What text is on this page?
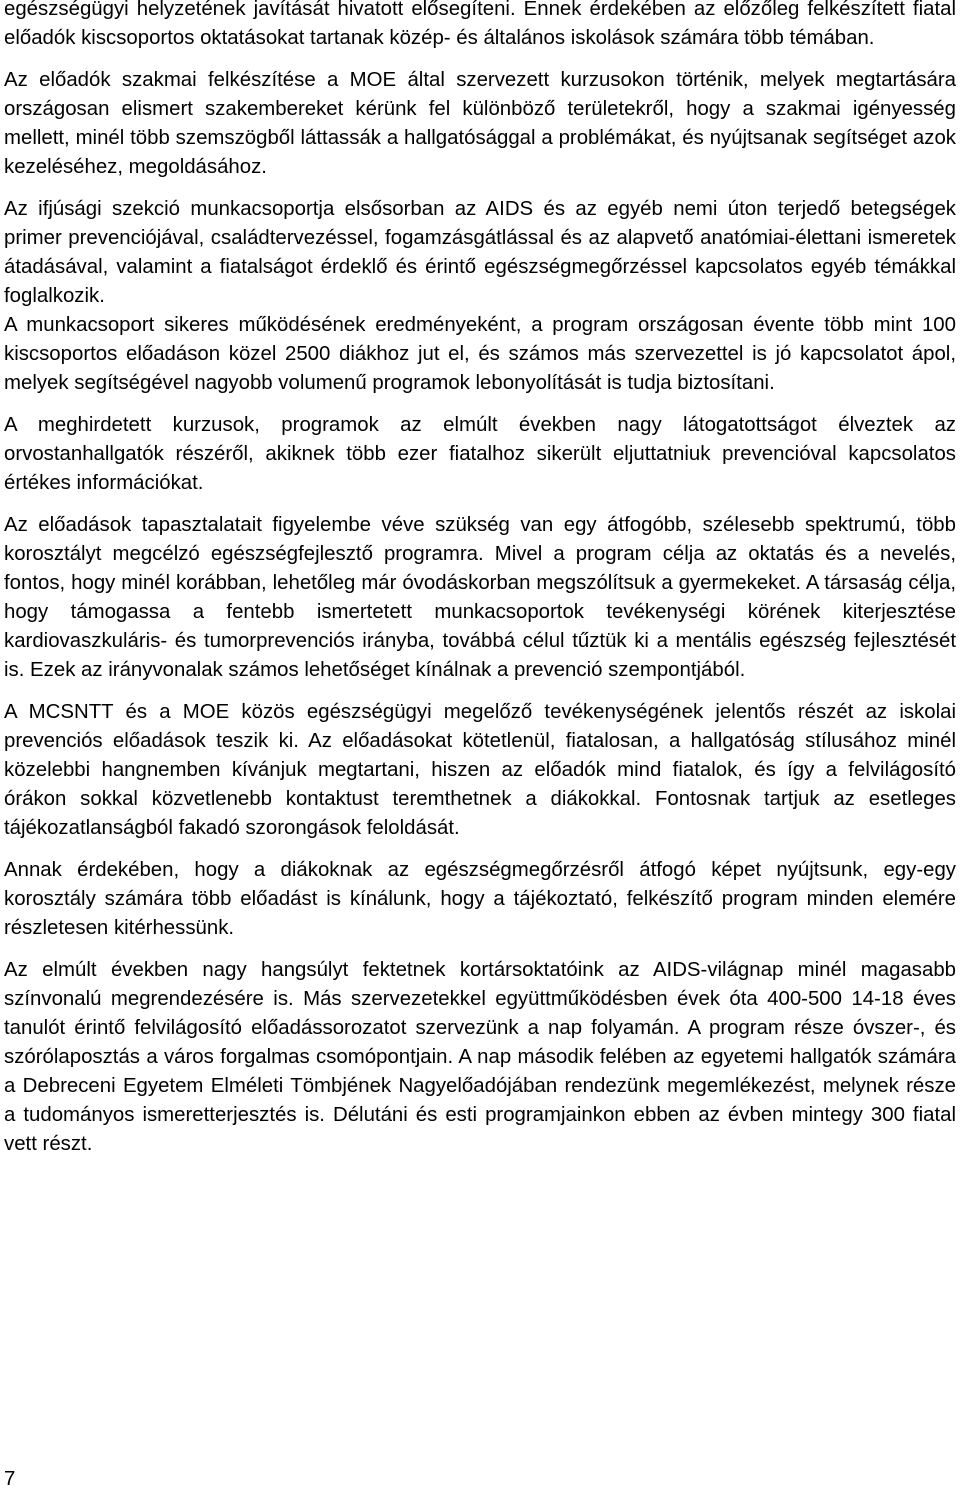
egészségügyi helyzetének javítását hivatott elősegíteni. Ennek érdekében az előzőleg felkészített fiatal előadók kiscsoportos oktatásokat tartanak közép- és általános iskolások számára több témában.

Az előadók szakmai felkészítése a MOE által szervezett kurzusokon történik, melyek megtartására országosan elismert szakembereket kérünk fel különböző területekről, hogy a szakmai igényesség mellett, minél több szemszögből láttassák a hallgatósággal a problémákat, és nyújtsanak segítséget azok kezeléséhez, megoldásához.

Az ifjúsági szekció munkacsoportja elsősorban az AIDS és az egyéb nemi úton terjedő betegségek primer prevenciójával, családtervezéssel, fogamzásgátlással és az alapvető anatómiai-élettani ismeretek átadásával, valamint a fiatalságot érdeklő és érintő egészségmegőrzéssel kapcsolatos egyéb témákkal foglalkozik.

A munkacsoport sikeres működésének eredményeként, a program országosan évente több mint 100 kiscsoportos előadáson közel 2500 diákhoz jut el, és számos más szervezettel is jó kapcsolatot ápol, melyek segítségével nagyobb volumenű programok lebonyolítását is tudja biztosítani.

A meghirdetett kurzusok, programok az elmúlt években nagy látogatottságot élveztek az orvostanhallgatók részéről, akiknek több ezer fiatalhoz sikerült eljuttatniuk prevencióval kapcsolatos értékes információkat.

Az előadások tapasztalatait figyelembe véve szükség van egy átfogóbb, szélesebb spektrumú, több korosztályt megcélzó egészségfejlesztő programra. Mivel a program célja az oktatás és a nevelés, fontos, hogy minél korábban, lehetőleg már óvodáskorban megszólítsuk a gyermekeket. A társaság célja, hogy támogassa a fentebb ismertetett munkacsoportok tevékenységi körének kiterjesztése kardiovaszkuláris- és tumorprevenciós irányba, továbbá célul tűztük ki a mentális egészség fejlesztését is. Ezek az irányvonalak számos lehetőséget kínálnak a prevenció szempontjából.

A MCSNTT és a MOE közös egészségügyi megelőző tevékenységének jelentős részét az iskolai prevenciós előadások teszik ki. Az előadásokat kötetlenül, fiatalosan, a hallgatóság stílusához minél közelebbi hangnemben kívánjuk megtartani, hiszen az előadók mind fiatalok, és így a felvilágosító órákon sokkal közvetlenebb kontaktust teremthetnek a diákokkal. Fontosnak tartjuk az esetleges tájékozatlanságból fakadó szorongások feloldását.

Annak érdekében, hogy a diákoknak az egészségmegőrzésről átfogó képet nyújtsunk, egy-egy korosztály számára több előadást is kínálunk, hogy a tájékoztató, felkészítő program minden elemére részletesen kitérhessünk.

Az elmúlt években nagy hangsúlyt fektetnek kortársoktatóink az AIDS-világnap minél magasabb színvonalú megrendezésére is. Más szervezetekkel együttműködésben évek óta 400-500 14-18 éves tanulót érintő felvilágosító előadássorozatot szervezünk a nap folyamán. A program része óvszer-, és szórólaposztás a város forgalmas csomópontjain. A nap második felében az egyetemi hallgatók számára a Debreceni Egyetem Elméleti Tömbjének Nagyelőadójában rendezünk megemlékezést, melynek része a tudományos ismeretterjesztés is. Délutáni és esti programjainkon ebben az évben mintegy 300 fiatal vett részt.

7
